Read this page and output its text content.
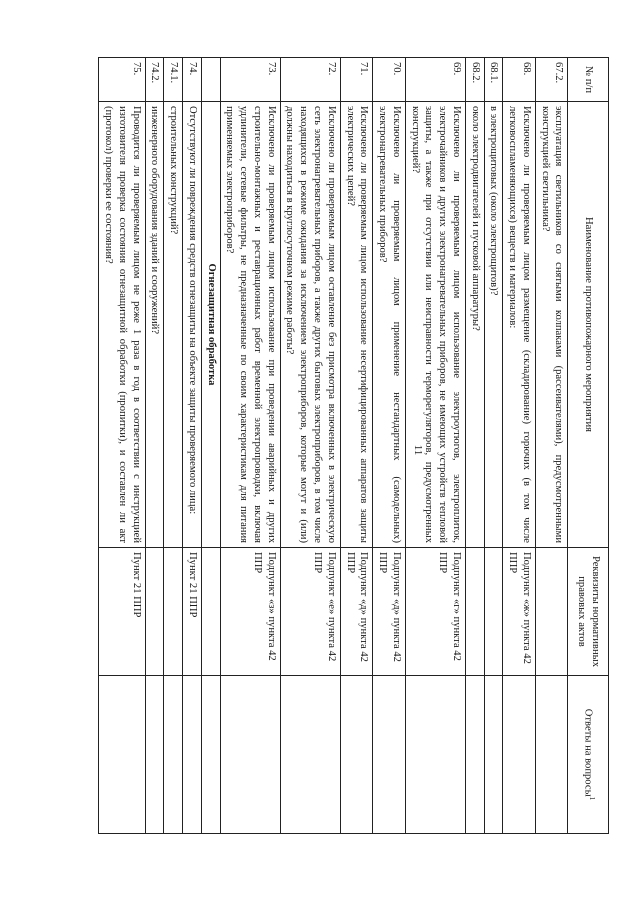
11
№ п/п	Наименование противопожарного мероприятия	Реквизиты нормативных правовых актов	Ответы на вопросы$^1$
67.2.	эксплуатация светильников со снятыми колпаками (рассеивателями), предусмотренными конструкцией светильника?		
68.	Исключено ли проверяемым лицом размещение (складирование) горючих (в том числе легковоспламеняющихся) веществ и материалов:	Подпункт «ж» пункта 42 ППР	
68.1.	в электрощитовых (около электрощитов)?		
68.2.	около электродвигателей и пусковой аппаратуры?		
69.	Исключено ли проверяемым лицом использование электроутюгов, электроплиток, электрочайников и других электронагревательных приборов, не имеющих устройств тепловой защиты, а также при отсутствии или неисправности терморегуляторов, предусмотренных конструкцией?	Подпункт «г» пункта 42 ППР	
70.	Исключено ли проверяемым лицом применение нестандартных (самодельных) электронагревательных приборов?	Подпункт «д» пункта 42 ППР	
71.	Исключено ли проверяемым лицом использование несертифицированных аппаратов защиты электрических цепей?	Подпункт «д» пункта 42 ППР	
72.	Исключено ли проверяемым лицом оставление без присмотра включенных в электрическую сеть электронагревательных приборов, а также других бытовых электроприборов, в том числе находящихся в режиме ожидания за исключением электроприборов, которые могут и (или) должны находиться в круглосуточном режиме работы?	Подпункт «е» пункта 42 ППР	
73.	Исключено ли проверяемым лицом использование при проведении аварийных и других строительно-монтажных и реставрационных работ временной электропроводки, включая удлинители, сетевые фильтры, не предназначенные по своим характеристикам для питания применяемых электроприборов?	Подпункт «з» пункта 42 ППР	
	Огнезащитная обработка		
74.	Отсутствуют ли повреждения средств огнезащиты на объекте защиты проверяемого лица:	Пункт 21 ППР	
74.1.	строительных конструкций?		
74.2.	инженерного оборудования зданий и сооружений?		
75.	Проводится ли проверяемым лицом не реже 1 раза в год в соответствии с инструкцией изготовителя проверка состояния огнезащитной обработки (пропитки), и составлен ли акт (протокол) проверки ее состояния?	Пункт 21 ППР	
